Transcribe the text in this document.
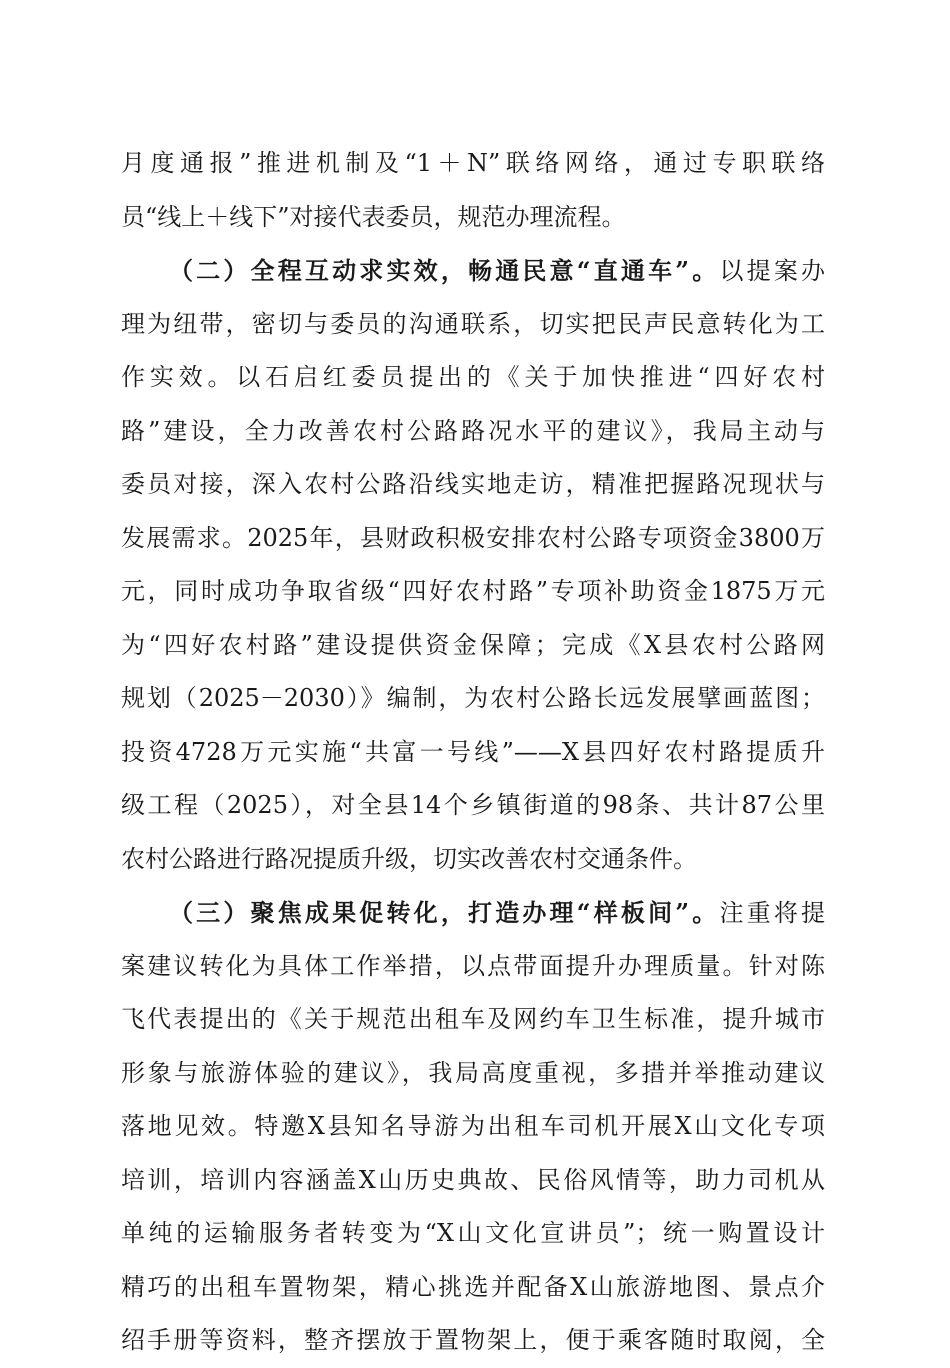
月度通报”推进机制及“1＋N”联络网络，通过专职联络
员“线上＋线下”对接代表委员，规范办理流程。
（二）全程互动求实效，畅通民意“直通车”。以提案办
理为纽带，密切与委员的沟通联系，切实把民声民意转化为工
作实效。以石启红委员提出的《关于加快推进“四好农村
路”建设，全力改善农村公路路况水平的建议》，我局主动与
委员对接，深入农村公路沿线实地走访，精准把握路况现状与
发展需求。2025年，县财政积极安排农村公路专项资金3800万
元，同时成功争取省级“四好农村路”专项补助资金1875万元
为“四好农村路”建设提供资金保障；完成《X县农村公路网
规划（2025－2030）》编制，为农村公路长远发展擘画蓝图；
投资4728万元实施“共富一号线”——X县四好农村路提质升
级工程（2025），对全县14个乡镇街道的98条、共计87公里
农村公路进行路况提质升级，切实改善农村交通条件。
（三）聚焦成果促转化，打造办理“样板间”。注重将提
案建议转化为具体工作举措，以点带面提升办理质量。针对陈
飞代表提出的《关于规范出租车及网约车卫生标准，提升城市
形象与旅游体验的建议》，我局高度重视，多措并举推动建议
落地见效。特邀X县知名导游为出租车司机开展X山文化专项
培训，培训内容涵盖X山历史典故、民俗风情等，助力司机从
单纯的运输服务者转变为“X山文化宣讲员”；统一购置设计
精巧的出租车置物架，精心挑选并配备X山旅游地图、景点介
绍手册等资料，整齐摆放于置物架上，便于乘客随时取阅，全
